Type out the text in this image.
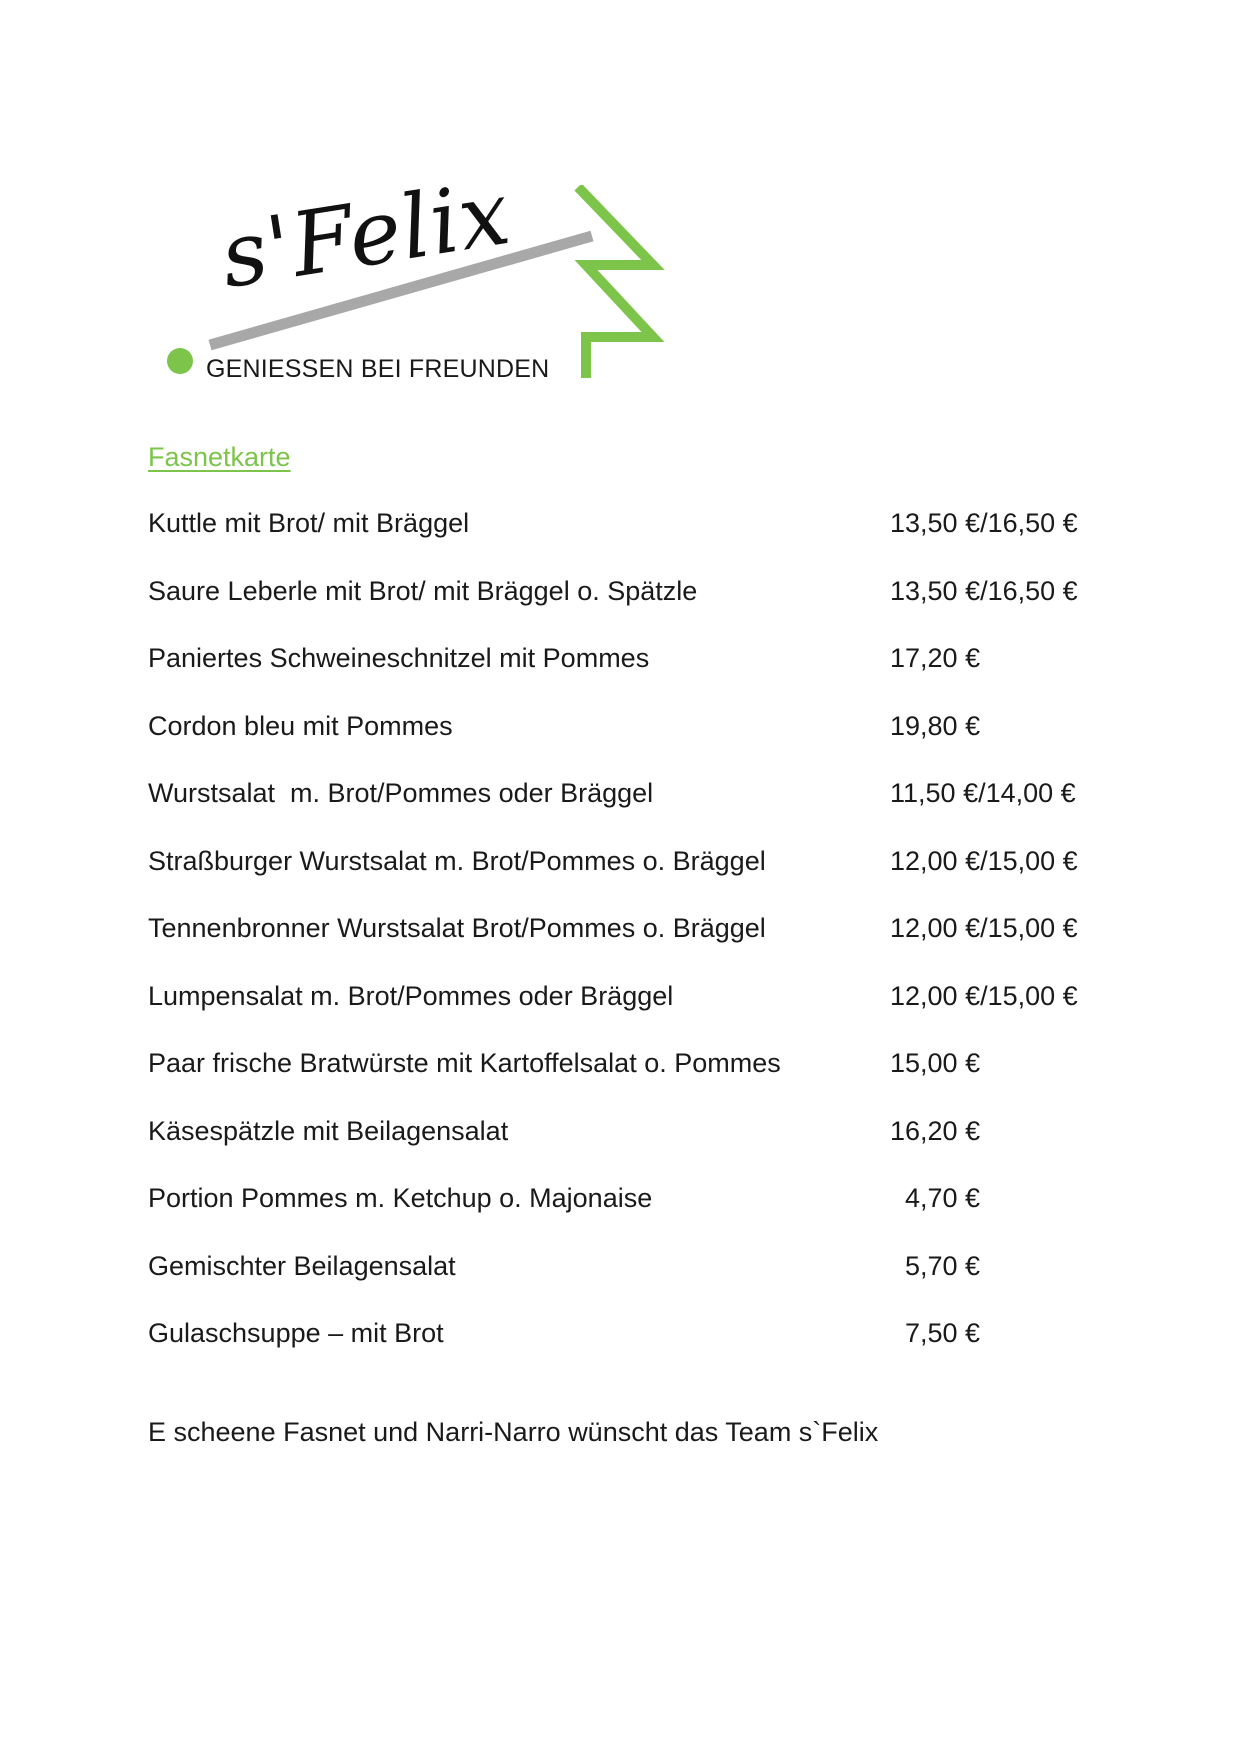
s'Felix
GENIESSEN BEI FREUNDEN
Fasnetkarte
Kuttle mit Brot/ mit Bräggel	13,50 €/16,50 €
Saure Leberle mit Brot/ mit Bräggel o. Spätzle	13,50 €/16,50 €
Paniertes Schweineschnitzel mit Pommes	17,20 €
Cordon bleu mit Pommes	19,80 €
Wurstsalat  m. Brot/Pommes oder Bräggel	11,50 €/14,00 €
Straßburger Wurstsalat m. Brot/Pommes o. Bräggel	12,00 €/15,00 €
Tennenbronner Wurstsalat Brot/Pommes o. Bräggel	12,00 €/15,00 €
Lumpensalat m. Brot/Pommes oder Bräggel	12,00 €/15,00 €
Paar frische Bratwürste mit Kartoffelsalat o. Pommes	15,00 €
Käsespätzle mit Beilagensalat	16,20 €
Portion Pommes m. Ketchup o. Majonaise	4,70 €
Gemischter Beilagensalat	5,70 €
Gulaschsuppe – mit Brot	7,50 €
E scheene Fasnet und Narri-Narro wünscht das Team s`Felix
